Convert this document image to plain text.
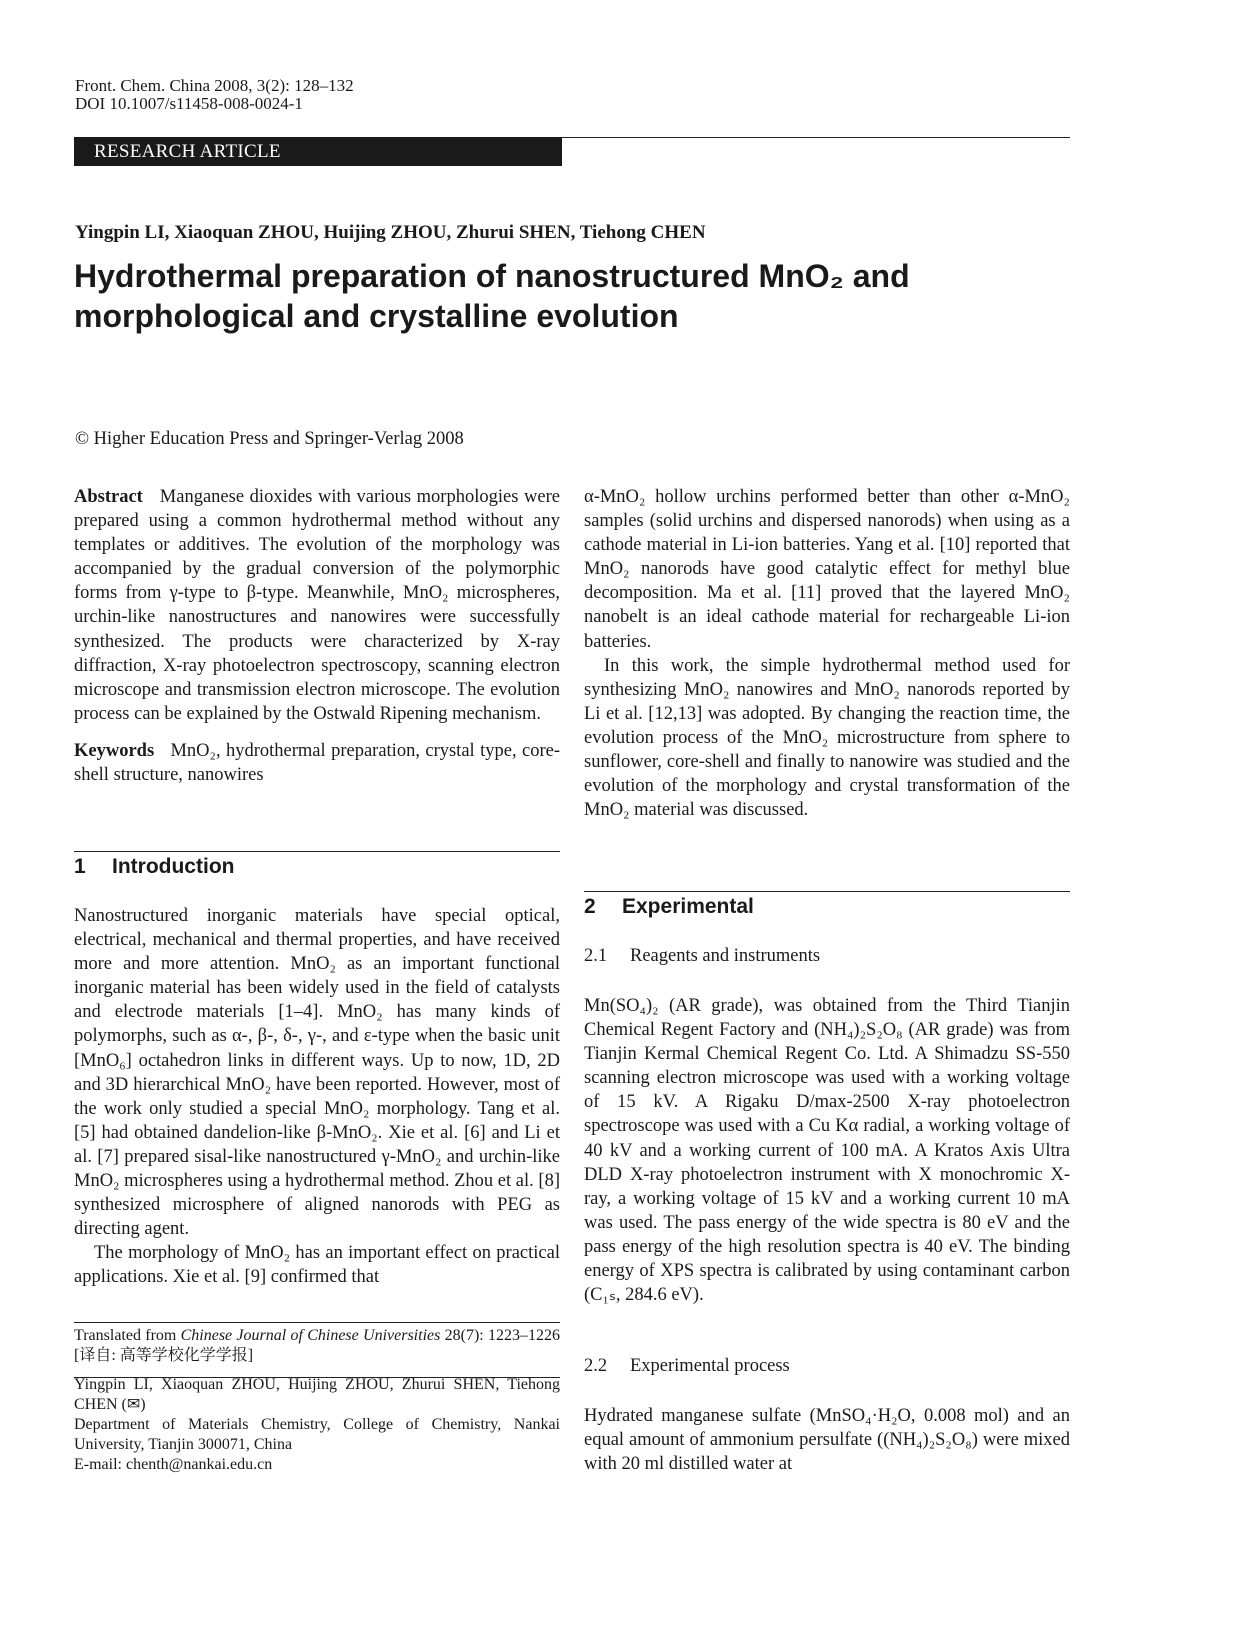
Front. Chem. China 2008, 3(2): 128–132
DOI 10.1007/s11458-008-0024-1
RESEARCH ARTICLE
Yingpin LI, Xiaoquan ZHOU, Huijing ZHOU, Zhurui SHEN, Tiehong CHEN
Hydrothermal preparation of nanostructured MnO₂ and
morphological and crystalline evolution
© Higher Education Press and Springer-Verlag 2008

Abstract Manganese dioxides with various morphologies were prepared using a common hydrothermal method without any templates or additives. The evolution of the morphology was accompanied by the gradual conversion of the polymorphic forms from γ-type to β-type. Meanwhile, MnO₂ microspheres, urchin-like nanostructures and nanowires were successfully synthesized. The products were characterized by X-ray diffraction, X-ray photoelectron spectroscopy, scanning electron microscope and transmission electron microscope. The evolution process can be explained by the Ostwald Ripening mechanism.

Keywords MnO₂, hydrothermal preparation, crystal type, core-shell structure, nanowires

1 Introduction

Nanostructured inorganic materials have special optical, electrical, mechanical and thermal properties, and have received more and more attention. MnO₂ as an important functional inorganic material has been widely used in the field of catalysts and electrode materials [1–4]. MnO₂ has many kinds of polymorphs, such as α-, β-, δ-, γ-, and ε-type when the basic unit [MnO₆] octahedron links in different ways. Up to now, 1D, 2D and 3D hierarchical MnO₂ have been reported. However, most of the work only studied a special MnO₂ morphology. Tang et al. [5] had obtained dandelion-like β-MnO₂. Xie et al. [6] and Li et al. [7] prepared sisal-like nanostructured γ-MnO₂ and urchin-like MnO₂ microspheres using a hydrothermal method. Zhou et al. [8] synthesized microsphere of aligned nanorods with PEG as directing agent.

The morphology of MnO₂ has an important effect on practical applications. Xie et al. [9] confirmed that

Translated from Chinese Journal of Chinese Universities 28(7): 1223–1226 [译自: 高等学校化学学报]

Yingpin LI, Xiaoquan ZHOU, Huijing ZHOU, Zhurui SHEN, Tiehong CHEN (✉)

Department of Materials Chemistry, College of Chemistry, Nankai University, Tianjin 300071, China

E-mail: chenth@nankai.edu.cn

α-MnO₂ hollow urchins performed better than other α-MnO₂ samples (solid urchins and dispersed nanorods) when using as a cathode material in Li-ion batteries. Yang et al. [10] reported that MnO₂ nanorods have good catalytic effect for methyl blue decomposition. Ma et al. [11] proved that the layered MnO₂ nanobelt is an ideal cathode material for rechargeable Li-ion batteries.

In this work, the simple hydrothermal method used for synthesizing MnO₂ nanowires and MnO₂ nanorods reported by Li et al. [12,13] was adopted. By changing the reaction time, the evolution process of the MnO₂ microstructure from sphere to sunflower, core-shell and finally to nanowire was studied and the evolution of the morphology and crystal transformation of the MnO₂ material was discussed.

2 Experimental
2.1 Reagents and instruments

Mn(SO₄)₂ (AR grade), was obtained from the Third Tianjin Chemical Regent Factory and (NH₄)₂S₂O₈ (AR grade) was from Tianjin Kermal Chemical Regent Co. Ltd. A Shimadzu SS-550 scanning electron microscope was used with a working voltage of 15 kV. A Rigaku D/max-2500 X-ray photoelectron spectroscope was used with a Cu Kα radial, a working voltage of 40 kV and a working current of 100 mA. A Kratos Axis Ultra DLD X-ray photoelectron instrument with X monochromic X-ray, a working voltage of 15 kV and a working current 10 mA was used. The pass energy of the wide spectra is 80 eV and the pass energy of the high resolution spectra is 40 eV. The binding energy of XPS spectra is calibrated by using contaminant carbon (C₁ₛ, 284.6 eV).

2.2 Experimental process

Hydrated manganese sulfate (MnSO₄·H₂O, 0.008 mol) and an equal amount of ammonium persulfate ((NH₄)₂S₂O₈) were mixed with 20 ml distilled water at
